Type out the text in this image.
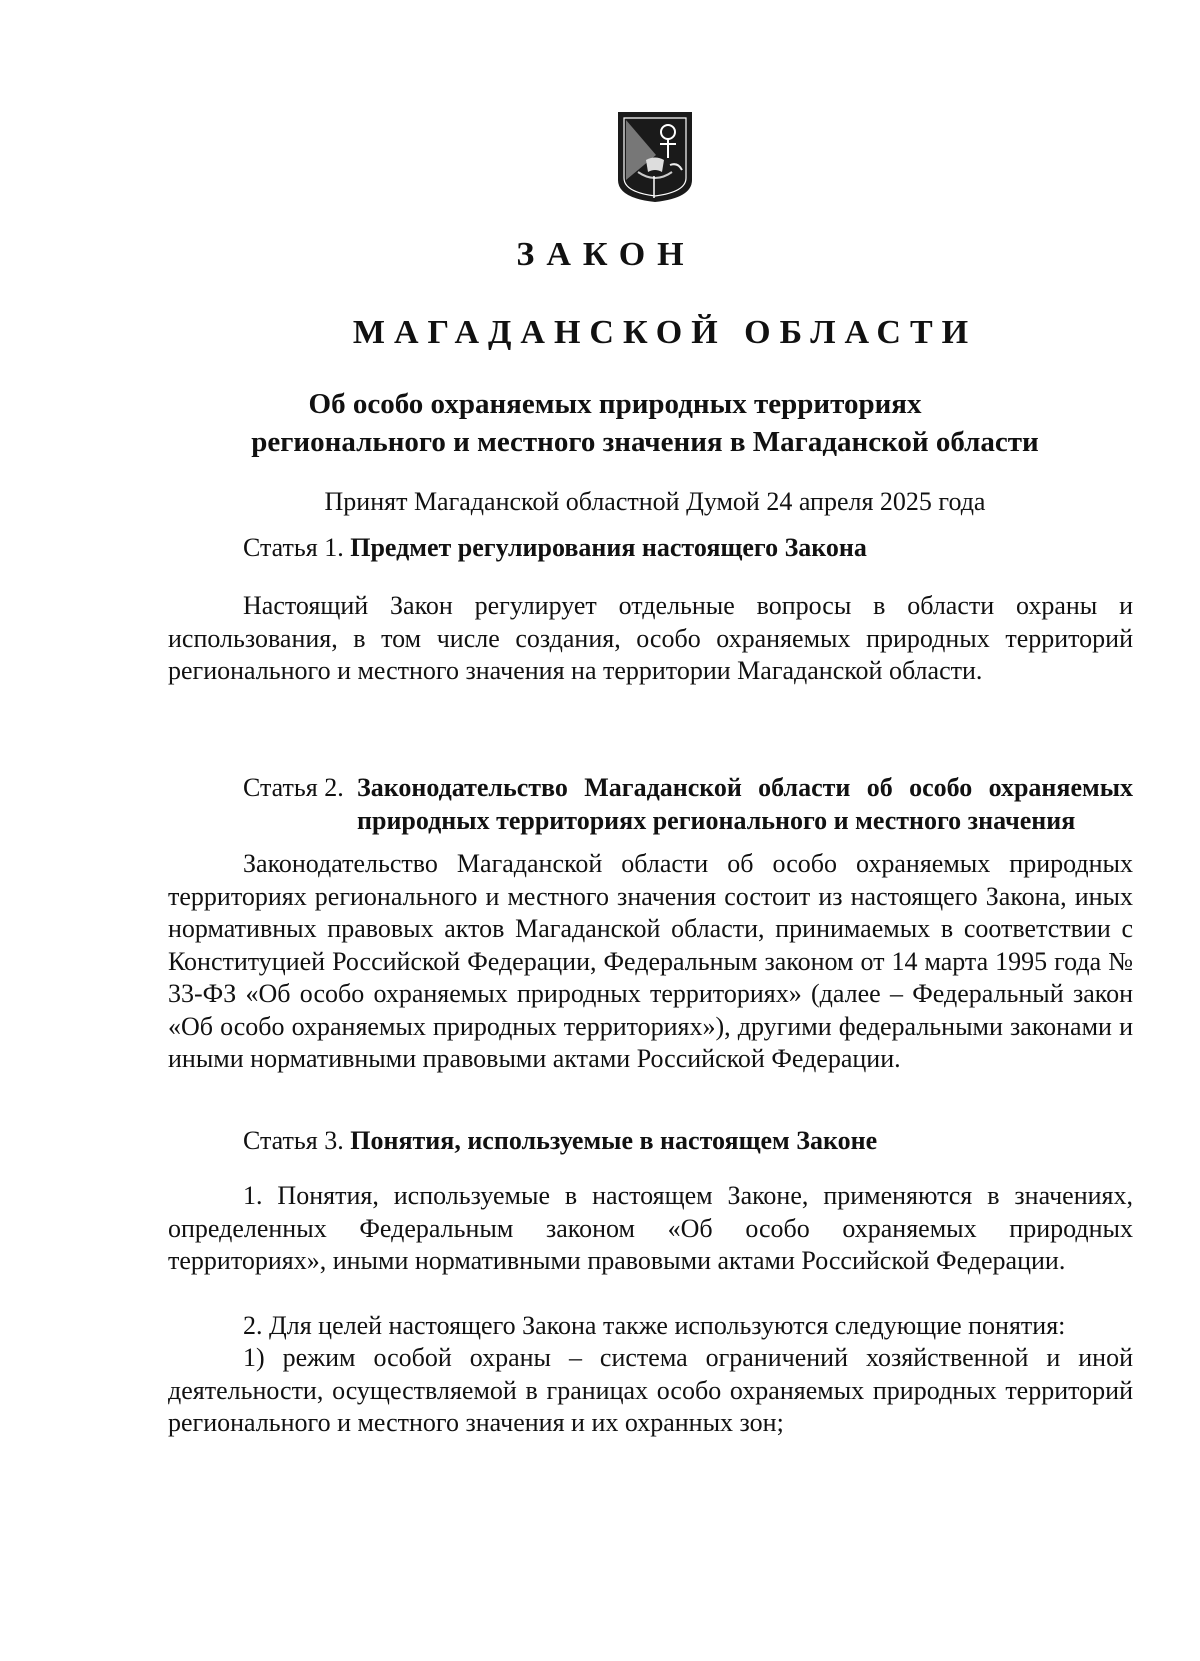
ЗАКОН
МАГАДАНСКОЙ ОБЛАСТИ
Об особо охраняемых природных территориях
регионального и местного значения в Магаданской области
Принят Магаданской областной Думой 24 апреля 2025 года
Статья 1. Предмет регулирования настоящего Закона

Настоящий Закон регулирует отдельные вопросы в области охраны и использования, в том числе создания, особо охраняемых природных территорий регионального и местного значения на территории Магаданской области.

Статья 2. Законодательство Магаданской области об особо охраняемых природных территориях регионального и местного значения

Законодательство Магаданской области об особо охраняемых природных территориях регионального и местного значения состоит из настоящего Закона, иных нормативных правовых актов Магаданской области, принимаемых в соответствии с Конституцией Российской Федерации, Федеральным законом от 14 марта 1995 года № 33-ФЗ «Об особо охраняемых природных территориях» (далее – Федеральный закон «Об особо охраняемых природных территориях»), другими федеральными законами и иными нормативными правовыми актами Российской Федерации.

Статья 3. Понятия, используемые в настоящем Законе

1. Понятия, используемые в настоящем Законе, применяются в значениях, определенных Федеральным законом «Об особо охраняемых природных территориях», иными нормативными правовыми актами Российской Федерации.

2. Для целей настоящего Закона также используются следующие понятия:

1) режим особой охраны – система ограничений хозяйственной и иной деятельности, осуществляемой в границах особо охраняемых природных территорий регионального и местного значения и их охранных зон;
